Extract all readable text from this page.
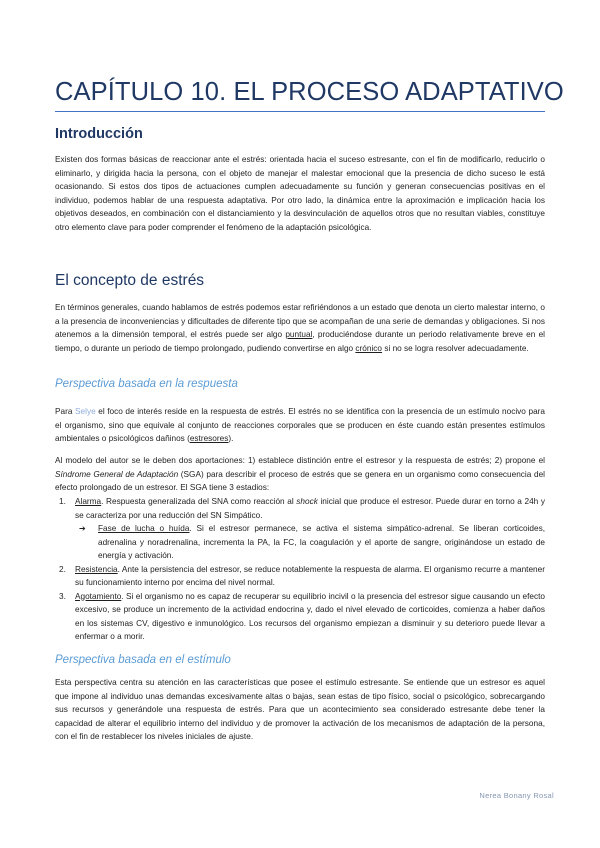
CAPÍTULO 10. EL PROCESO ADAPTATIVO
Introducción

Existen dos formas básicas de reaccionar ante el estrés: orientada hacia el suceso estresante, con el fin de modificarlo, reducirlo o eliminarlo, y dirigida hacia la persona, con el objeto de manejar el malestar emocional que la presencia de dicho suceso le está ocasionando. Si estos dos tipos de actuaciones cumplen adecuadamente su función y generan consecuencias positivas en el individuo, podemos hablar de una respuesta adaptativa. Por otro lado, la dinámica entre la aproximación e implicación hacia los objetivos deseados, en combinación con el distanciamiento y la desvinculación de aquellos otros que no resultan viables, constituye otro elemento clave para poder comprender el fenómeno de la adaptación psicológica.

El concepto de estrés

En términos generales, cuando hablamos de estrés podemos estar refiriéndonos a un estado que denota un cierto malestar interno, o a la presencia de inconveniencias y dificultades de diferente tipo que se acompañan de una serie de demandas y obligaciones. Si nos atenemos a la dimensión temporal, el estrés puede ser algo puntual, produciéndose durante un periodo relativamente breve en el tiempo, o durante un periodo de tiempo prolongado, pudiendo convertirse en algo crónico si no se logra resolver adecuadamente.

Perspectiva basada en la respuesta

Para Selye el foco de interés reside en la respuesta de estrés. El estrés no se identifica con la presencia de un estímulo nocivo para el organismo, sino que equivale al conjunto de reacciones corporales que se producen en éste cuando están presentes estímulos ambientales o psicológicos dañinos (estresores).

Al modelo del autor se le deben dos aportaciones: 1) establece distinción entre el estresor y la respuesta de estrés; 2) propone el Síndrome General de Adaptación (SGA) para describir el proceso de estrés que se genera en un organismo como consecuencia del efecto prolongado de un estresor. El SGA tiene 3 estadios:

1. Alarma. Respuesta generalizada del SNA como reacción al shock inicial que produce el estresor. Puede durar en torno a 24h y se caracteriza por una reducción del SN Simpático.
➔ Fase de lucha o huída. Si el estresor permanece, se activa el sistema simpático-adrenal. Se liberan corticoides, adrenalina y noradrenalina, incrementa la PA, la FC, la coagulación y el aporte de sangre, originándose un estado de energía y activación.
2. Resistencia. Ante la persistencia del estresor, se reduce notablemente la respuesta de alarma. El organismo recurre a mantener su funcionamiento interno por encima del nivel normal.
3. Agotamiento. Si el organismo no es capaz de recuperar su equilibrio incivil o la presencia del estresor sigue causando un efecto excesivo, se produce un incremento de la actividad endocrina y, dado el nivel elevado de corticoides, comienza a haber daños en los sistemas CV, digestivo e inmunológico. Los recursos del organismo empiezan a disminuir y su deterioro puede llevar a enfermar o a morir.
Perspectiva basada en el estímulo

Esta perspectiva centra su atención en las características que posee el estímulo estresante. Se entiende que un estresor es aquel que impone al individuo unas demandas excesivamente altas o bajas, sean estas de tipo físico, social o psicológico, sobrecargando sus recursos y generándole una respuesta de estrés. Para que un acontecimiento sea considerado estresante debe tener la capacidad de alterar el equilibrio interno del individuo y de promover la activación de los mecanismos de adaptación de la persona, con el fin de restablecer los niveles iniciales de ajuste.

Nerea Bonany Rosal
